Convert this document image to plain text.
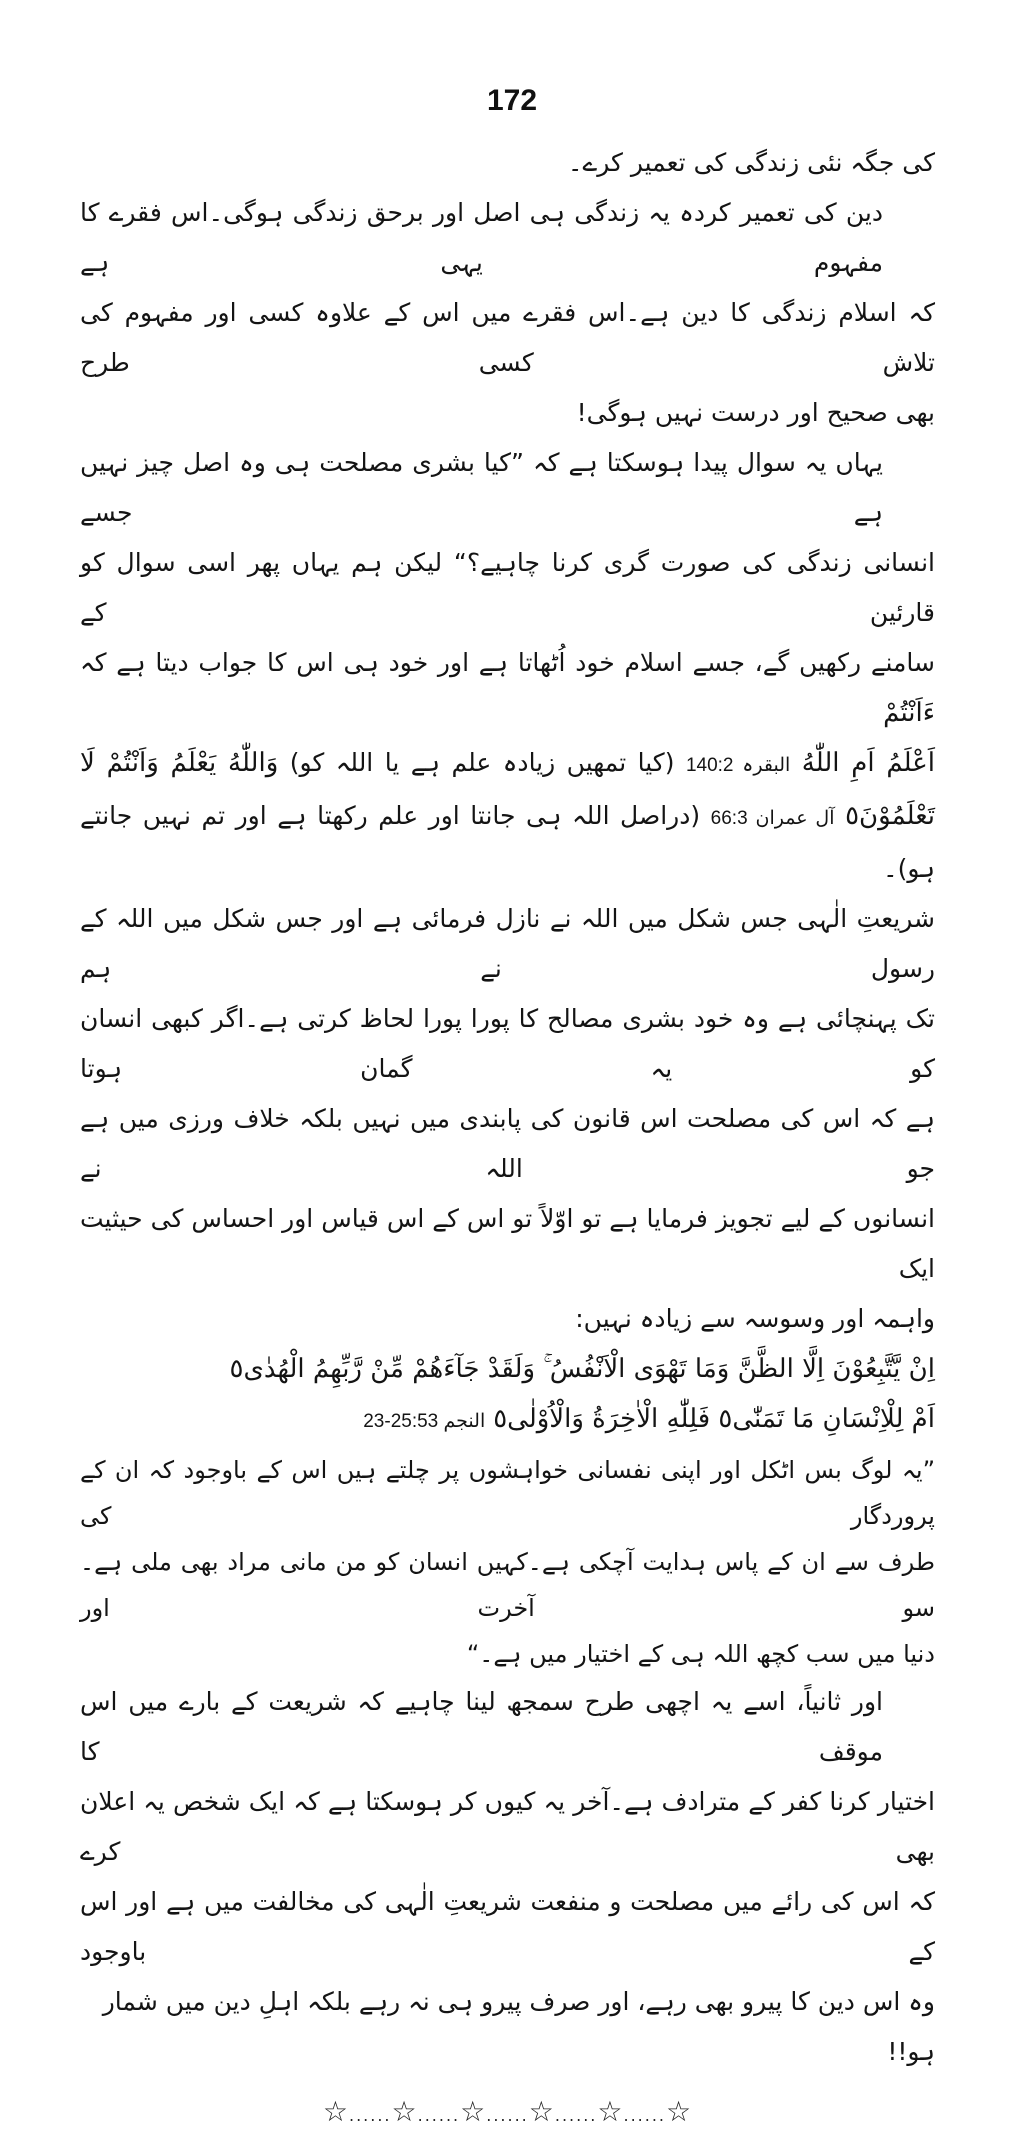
172

کی جگہ نئی زندگی کی تعمیر کرے۔

دین کی تعمیر کردہ یہ زندگی ہی اصل اور برحق زندگی ہوگی۔اس فقرے کا مفہوم یہی ہے

کہ اسلام زندگی کا دین ہے۔اس فقرے میں اس کے علاوہ کسی اور مفہوم کی تلاش کسی طرح

بھی صحیح اور درست نہیں ہوگی!

یہاں یہ سوال پیدا ہوسکتا ہے کہ ”کیا بشری مصلحت ہی وہ اصل چیز نہیں ہے جسے

انسانی زندگی کی صورت گری کرنا چاہیے؟“ لیکن ہم یہاں پھر اسی سوال کو قارئین کے

سامنے رکھیں گے، جسے اسلام خود اُٹھاتا ہے اور خود ہی اس کا جواب دیتا ہے کہ ءَاَنْتُمْ

اَعْلَمُ اَمِ اللّٰهُ البقرہ 140:2 (کیا تمھیں زیادہ علم ہے یا اللہ کو) وَاللّٰهُ يَعْلَمُ وَاَنْتُمْ لَا

تَعْلَمُوْنَ٥ آل عمران 66:3 (دراصل اللہ ہی جانتا اور علم رکھتا ہے اور تم نہیں جانتے ہو)۔

شریعتِ الٰہی جس شکل میں اللہ نے نازل فرمائی ہے اور جس شکل میں اللہ کے رسول نے ہم

تک پہنچائی ہے وہ خود بشری مصالح کا پورا پورا لحاظ کرتی ہے۔اگر کبھی انسان کو یہ گمان ہوتا

ہے کہ اس کی مصلحت اس قانون کی پابندی میں نہیں بلکہ خلاف ورزی میں ہے جو اللہ نے

انسانوں کے لیے تجویز فرمایا ہے تو اوّلاً تو اس کے اس قیاس اور احساس کی حیثیت ایک

واہمہ اور وسوسہ سے زیادہ نہیں:

اِنْ يَّتَّبِعُوْنَ اِلَّا الظَّنَّ وَمَا تَهْوَى الْاَنْفُسُ ۚ وَلَقَدْ جَآءَهُمْ مِّنْ رَّبِّهِمُ الْهُدٰى٥

اَمْ لِلْاِنْسَانِ مَا تَمَنّٰى٥ فَلِلّٰهِ الْاٰخِرَةُ وَالْاُوْلٰى٥ النجم 25:53-23

”یہ لوگ بس اٹکل اور اپنی نفسانی خواہشوں پر چلتے ہیں اس کے باوجود کہ ان کے پروردگار کی

طرف سے ان کے پاس ہدایت آچکی ہے۔کہیں انسان کو من مانی مراد بھی ملی ہے۔سو آخرت اور

دنیا میں سب کچھ اللہ ہی کے اختیار میں ہے۔“

اور ثانیاً، اسے یہ اچھی طرح سمجھ لینا چاہیے کہ شریعت کے بارے میں اس موقف کا

اختیار کرنا کفر کے مترادف ہے۔آخر یہ کیوں کر ہوسکتا ہے کہ ایک شخص یہ اعلان بھی کرے

کہ اس کی رائے میں مصلحت و منفعت شریعتِ الٰہی کی مخالفت میں ہے اور اس کے باوجود

وہ اس دین کا پیرو بھی رہے، اور صرف پیرو ہی نہ رہے بلکہ اہلِ دین میں شمار ہو!!

☆......☆......☆......☆......☆......☆
